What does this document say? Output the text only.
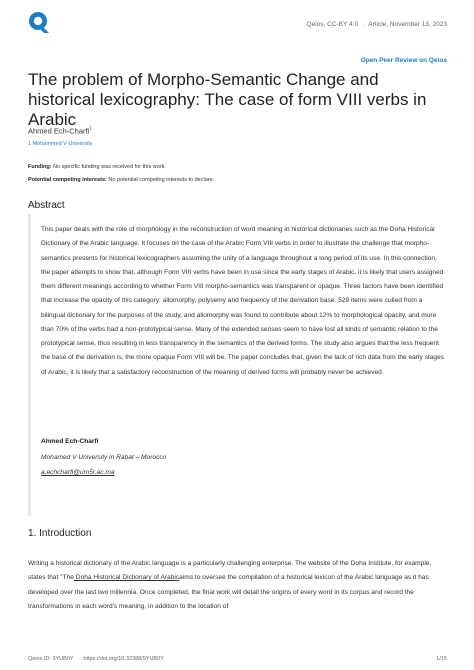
Qeios, CC-BY 4.0 · Article, November 13, 2023
Open Peer Review on Qeios
The problem of Morpho-Semantic Change and historical lexicography: The case of form VIII verbs in Arabic
Ahmed Ech-Charfi$^1$
1 Mohammed V University
Funding: No specific funding was received for this work.
Potential competing interests: No potential competing interests to declare.
Abstract

This paper deals with the role of morphology in the reconstruction of word meaning in historical dictionaries such as the Doha Historical Dictionary of the Arabic language. It focuses on the case of the Arabic Form VIII verbs in order to illustrate the challenge that morpho-semantics presents for historical lexicographers assuming the unity of a language throughout a long period of its use. In this connection, the paper attempts to show that, although Form VIII verbs have been in use since the early stages of Arabic, it is likely that users assigned them different meanings according to whether Form VIII morpho-semantics was transparent or opaque. Three factors have been identified that increase the opacity of this category: allomorphy, polysemy and frequency of the derivation base. 529 items were culled from a bilingual dictionary for the purposes of the study, and allomorphy was found to contribute about 12% to morphological opacity, and more than 70% of the verbs had a non-prototypical sense. Many of the extended senses seem to have lost all kinds of semantic relation to the prototypical sense, thus resulting in less transparency in the semantics of the derived forms. The study also argues that the less frequent the base of the derivation is, the more opaque Form VIII will be. The paper concludes that, given the lack of rich data from the early stages of Arabic, it is likely that a satisfactory reconstruction of the meaning of derived forms will probably never be achieved.

Ahmed Ech-Charfi
Mohamed V University in Rabat – Morocco
a.echcharfi@um5r.ac.ma
1. Introduction

Writing a historical dictionary of the Arabic language is a particularly challenging enterprise. The website of the Doha Institute, for example, states that "The Doha Historical Dictionary of Arabicaims to oversee the compilation of a historical lexicon of the Arabic language as it has developed over the last two millennia. Once completed, the final work will detail the origins of every word in its corpus and record the transformations in each word's meaning, in addition to the location of

Qeios ID: 9YUB0Y · https://doi.org/10.32388/9YUB0Y	1/15
